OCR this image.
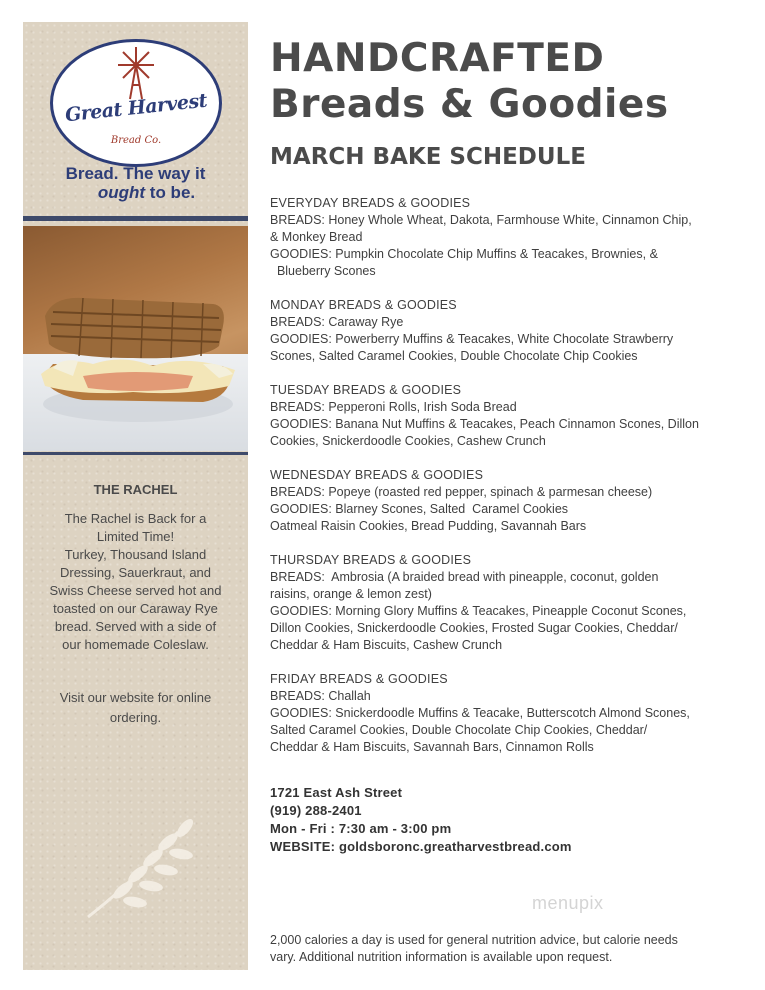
Great Harvest
Bread Co.
Bread. The way it
ought to be.
THE RACHEL
The Rachel is Back for a
Limited Time!
Turkey, Thousand Island
Dressing, Sauerkraut, and
Swiss Cheese served hot and
toasted on our Caraway Rye
bread. Served with a side of
our homemade Coleslaw.
Visit our website for online
ordering.
HANDCRAFTED
Breads & Goodies
MARCH BAKE SCHEDULE
EVERYDAY BREADS & GOODIES
BREADS: Honey Whole Wheat, Dakota, Farmhouse White, Cinnamon Chip,
& Monkey Bread
GOODIES: Pumpkin Chocolate Chip Muffins & Teacakes, Brownies, &
Blueberry Scones
MONDAY BREADS & GOODIES
BREADS: Caraway Rye
GOODIES: Powerberry Muffins & Teacakes, White Chocolate Strawberry
Scones, Salted Caramel Cookies, Double Chocolate Chip Cookies
TUESDAY BREADS & GOODIES
BREADS: Pepperoni Rolls, Irish Soda Bread
GOODIES: Banana Nut Muffins & Teacakes, Peach Cinnamon Scones, Dillon
Cookies, Snickerdoodle Cookies, Cashew Crunch
WEDNESDAY BREADS & GOODIES
BREADS: Popeye (roasted red pepper, spinach & parmesan cheese)
GOODIES: Blarney Scones, Salted  Caramel Cookies
Oatmeal Raisin Cookies, Bread Pudding, Savannah Bars
THURSDAY BREADS & GOODIES
BREADS:  Ambrosia (A braided bread with pineapple, coconut, golden
raisins, orange & lemon zest)
GOODIES: Morning Glory Muffins & Teacakes, Pineapple Coconut Scones,
Dillon Cookies, Snickerdoodle Cookies, Frosted Sugar Cookies, Cheddar/
Cheddar & Ham Biscuits, Cashew Crunch
FRIDAY BREADS & GOODIES
BREADS: Challah
GOODIES: Snickerdoodle Muffins & Teacake, Butterscotch Almond Scones,
Salted Caramel Cookies, Double Chocolate Chip Cookies, Cheddar/
Cheddar & Ham Biscuits, Savannah Bars, Cinnamon Rolls
1721 East Ash Street
(919) 288-2401
Mon - Fri : 7:30 am - 3:00 pm
WEBSITE: goldsboronc.greatharvestbread.com
menupix
2,000 calories a day is used for general nutrition advice, but calorie needs
vary. Additional nutrition information is available upon request.
